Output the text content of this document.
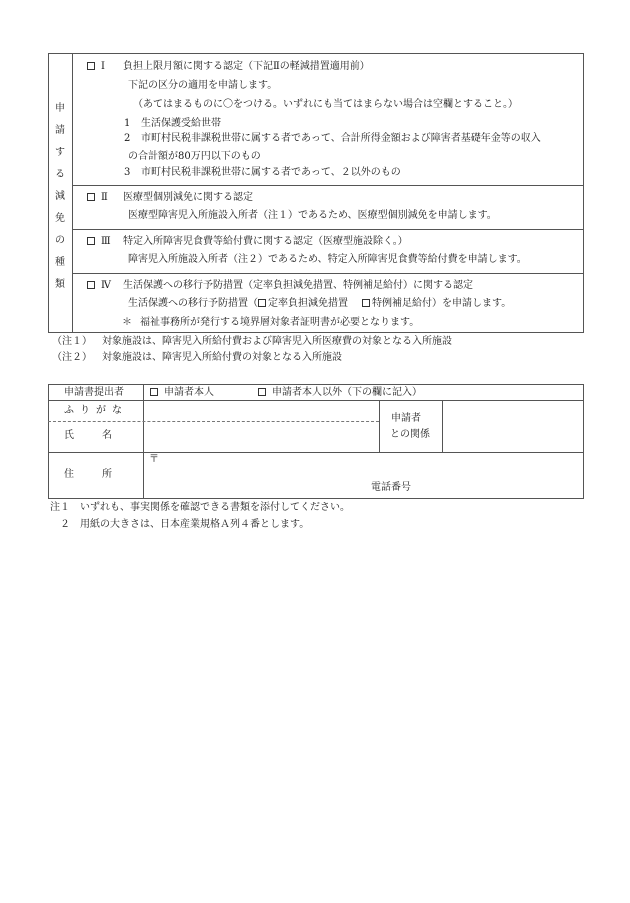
申
請
す
る
減
免
の
種
類
Ⅰ 負担上限月額に関する認定（下記Ⅱの軽減措置適用前）
下記の区分の適用を申請します。
（あてはまるものに〇をつける。いずれにも当てはまらない場合は空欄とすること。）
1 生活保護受給世帯
2 市町村民税非課税世帯に属する者であって、合計所得金額および障害者基礎年金等の収入
の合計額が80万円以下のもの
3 市町村民税非課税世帯に属する者であって、２以外のもの
Ⅱ 医療型個別減免に関する認定
医療型障害児入所施設入所者（注１）であるため、医療型個別減免を申請します。
Ⅲ 特定入所障害児食費等給付費に関する認定（医療型施設除く。）
障害児入所施設入所者（注２）であるため、特定入所障害児食費等給付費を申請します。
Ⅳ 生活保護への移行予防措置（定率負担減免措置、特例補足給付）に関する認定
生活保護への移行予防措置（ 定率負担減免措置 特例補足給付）を申請します。
＊ 福祉事務所が発行する境界層対象者証明書が必要となります。
（注１） 対象施設は、障害児入所給付費および障害児入所医療費の対象となる入所施設
（注２） 対象施設は、障害児入所給付費の対象となる入所施設
申請書提出者	申請者本人	申請者本人以外（下の欄に記入）
ふりがな
氏名
申請者
との関係
住所
〒
電話番号
注１ いずれも、事実関係を確認できる書類を添付してください。
２ 用紙の大きさは、日本産業規格Ａ列４番とします。
